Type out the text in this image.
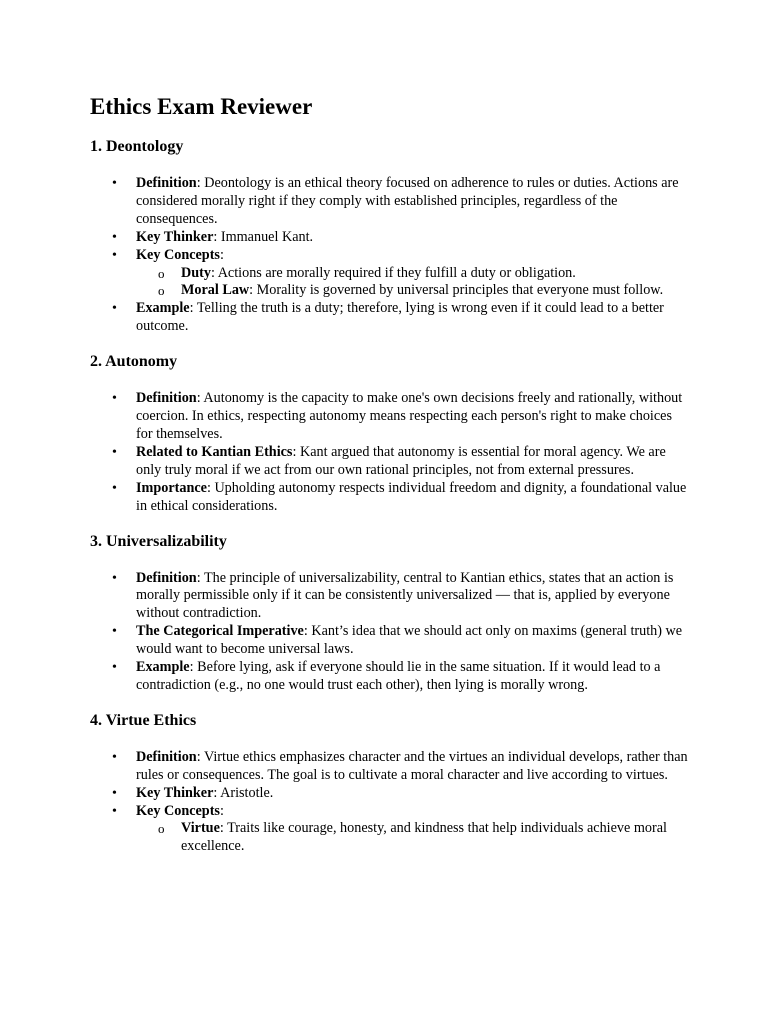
Ethics Exam Reviewer
1. Deontology
• Definition: Deontology is an ethical theory focused on adherence to rules or duties. Actions are considered morally right if they comply with established principles, regardless of the consequences.
• Key Thinker: Immanuel Kant.
• Key Concepts:
o Duty: Actions are morally required if they fulfill a duty or obligation.
o Moral Law: Morality is governed by universal principles that everyone must follow.
• Example: Telling the truth is a duty; therefore, lying is wrong even if it could lead to a better outcome.
2. Autonomy
• Definition: Autonomy is the capacity to make one's own decisions freely and rationally, without coercion. In ethics, respecting autonomy means respecting each person's right to make choices for themselves.
• Related to Kantian Ethics: Kant argued that autonomy is essential for moral agency. We are only truly moral if we act from our own rational principles, not from external pressures.
• Importance: Upholding autonomy respects individual freedom and dignity, a foundational value in ethical considerations.
3. Universalizability
• Definition: The principle of universalizability, central to Kantian ethics, states that an action is morally permissible only if it can be consistently universalized — that is, applied by everyone without contradiction.
• The Categorical Imperative: Kant’s idea that we should act only on maxims (general truth) we would want to become universal laws.
• Example: Before lying, ask if everyone should lie in the same situation. If it would lead to a contradiction (e.g., no one would trust each other), then lying is morally wrong.
4. Virtue Ethics
• Definition: Virtue ethics emphasizes character and the virtues an individual develops, rather than rules or consequences. The goal is to cultivate a moral character and live according to virtues.
• Key Thinker: Aristotle.
• Key Concepts:
o Virtue: Traits like courage, honesty, and kindness that help individuals achieve moral excellence.
